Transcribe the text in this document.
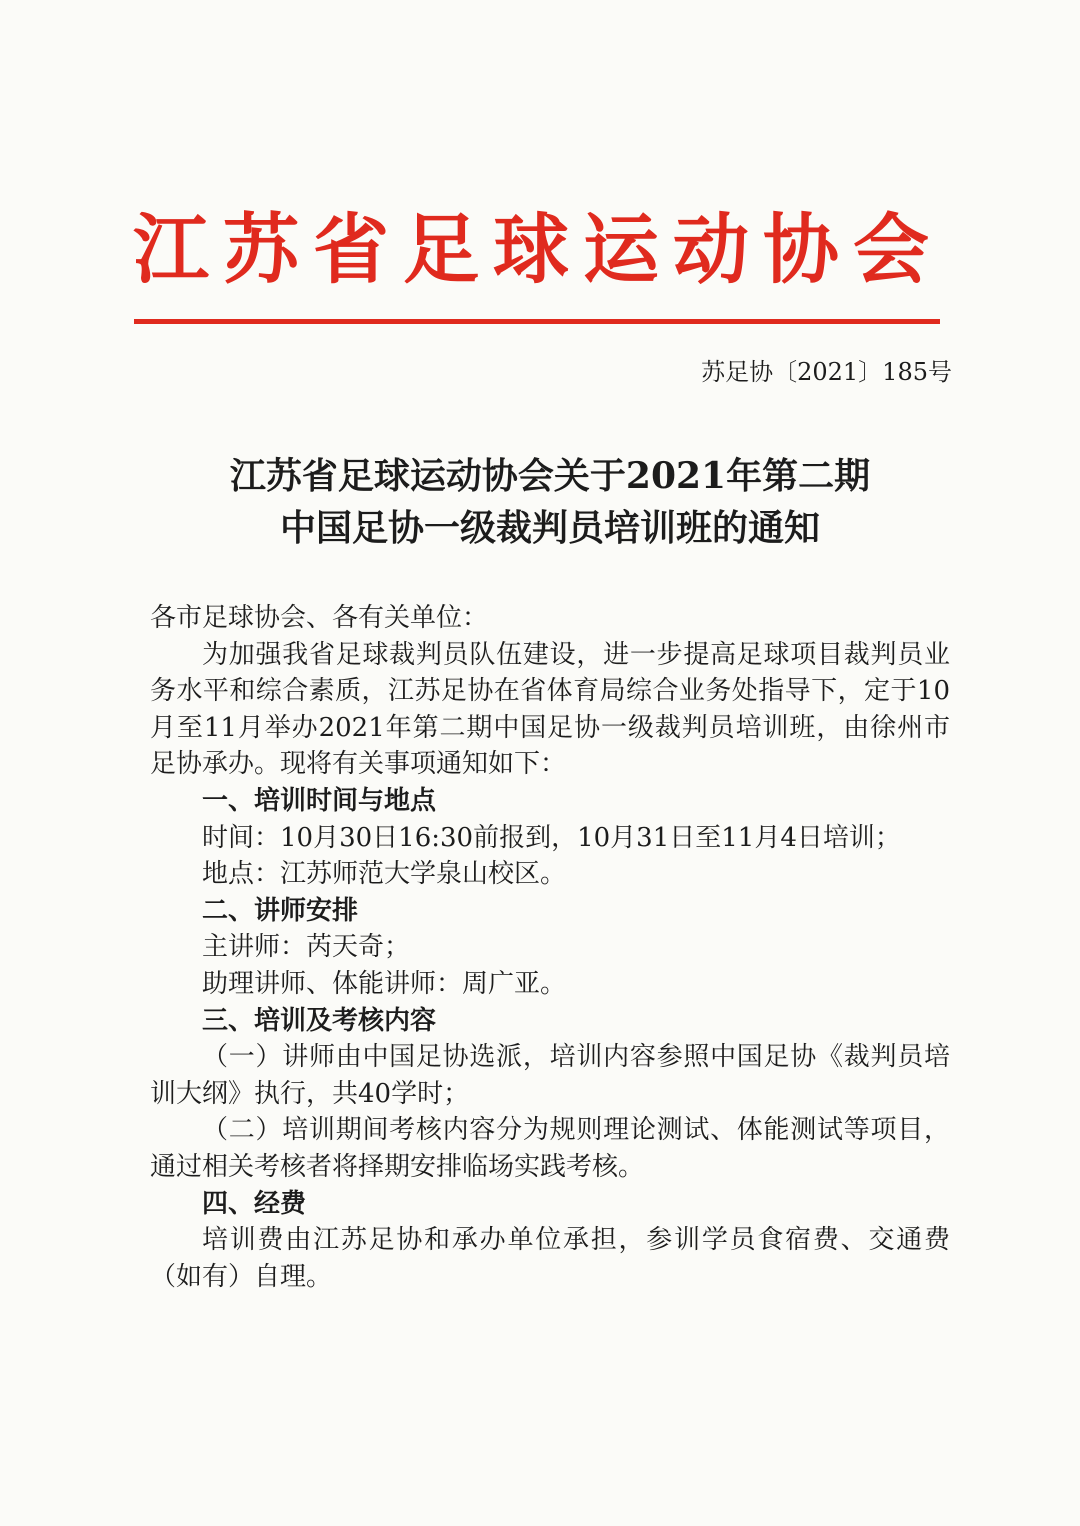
江苏省足球运动协会
苏足协〔2021〕185号
江苏省足球运动协会关于2021年第二期
中国足协一级裁判员培训班的通知

各市足球协会、各有关单位：

为加强我省足球裁判员队伍建设，进一步提高足球项目裁判员业务水平和综合素质，江苏足协在省体育局综合业务处指导下，定于10月至11月举办2021年第二期中国足协一级裁判员培训班，由徐州市足协承办。现将有关事项通知如下：

一、培训时间与地点

时间：10月30日16:30前报到，10月31日至11月4日培训；

地点：江苏师范大学泉山校区。

二、讲师安排

主讲师：芮天奇；

助理讲师、体能讲师：周广亚。

三、培训及考核内容

（一）讲师由中国足协选派，培训内容参照中国足协《裁判员培训大纲》执行，共40学时；

（二）培训期间考核内容分为规则理论测试、体能测试等项目，通过相关考核者将择期安排临场实践考核。

四、经费

培训费由江苏足协和承办单位承担，参训学员食宿费、交通费（如有）自理。
